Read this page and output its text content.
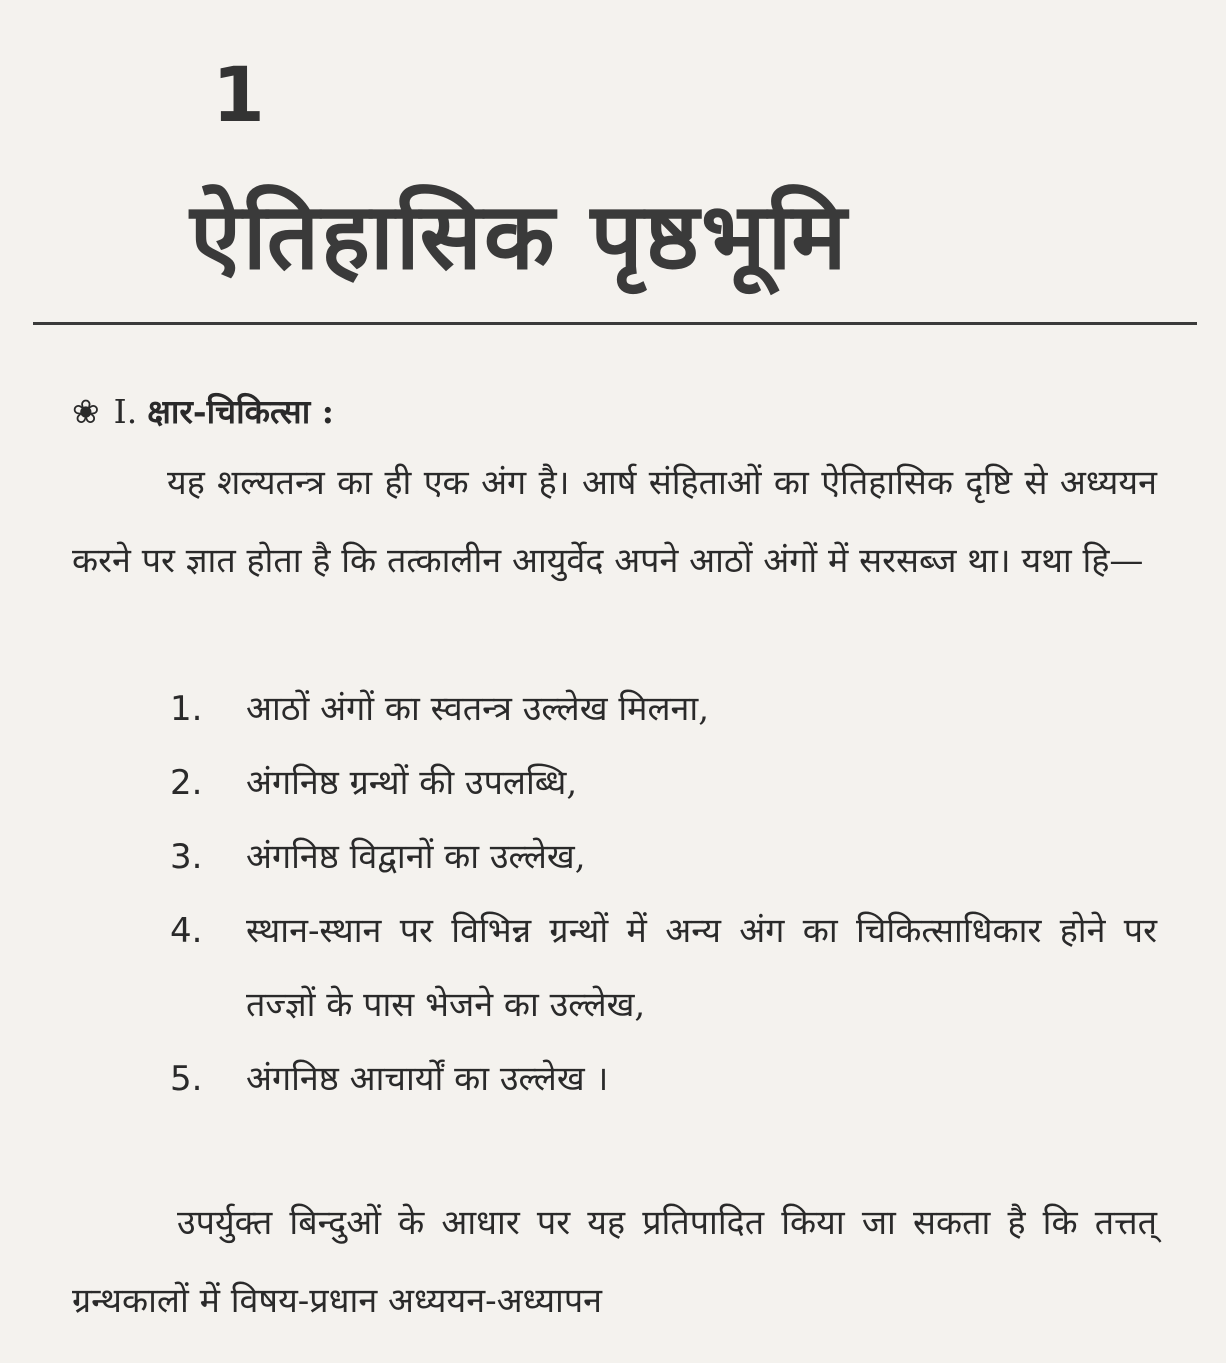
1
ऐतिहासिक पृष्ठभूमि
❀ I. क्षार-चिकित्सा :

यह शल्यतन्त्र का ही एक अंग है। आर्ष संहिताओं का ऐतिहासिक दृष्टि से अध्ययन करने पर ज्ञात होता है कि तत्कालीन आयुर्वेद अपने आठों अंगों में सरसब्ज था। यथा हि—

1.	आठों अंगों का स्वतन्त्र उल्लेख मिलना,
2.	अंगनिष्ठ ग्रन्थों की उपलब्धि,
3.	अंगनिष्ठ विद्वानों का उल्लेख,
4.	स्थान-स्थान पर विभिन्न ग्रन्थों में अन्य अंग का चिकित्साधिकार होने पर तज्ज्ञों के पास भेजने का उल्लेख,
5.	अंगनिष्ठ आचार्यों का उल्लेख ।

उपर्युक्त बिन्दुओं के आधार पर यह प्रतिपादित किया जा सकता है कि तत्तत् ग्रन्थकालों में विषय-प्रधान अध्ययन-अध्यापन
